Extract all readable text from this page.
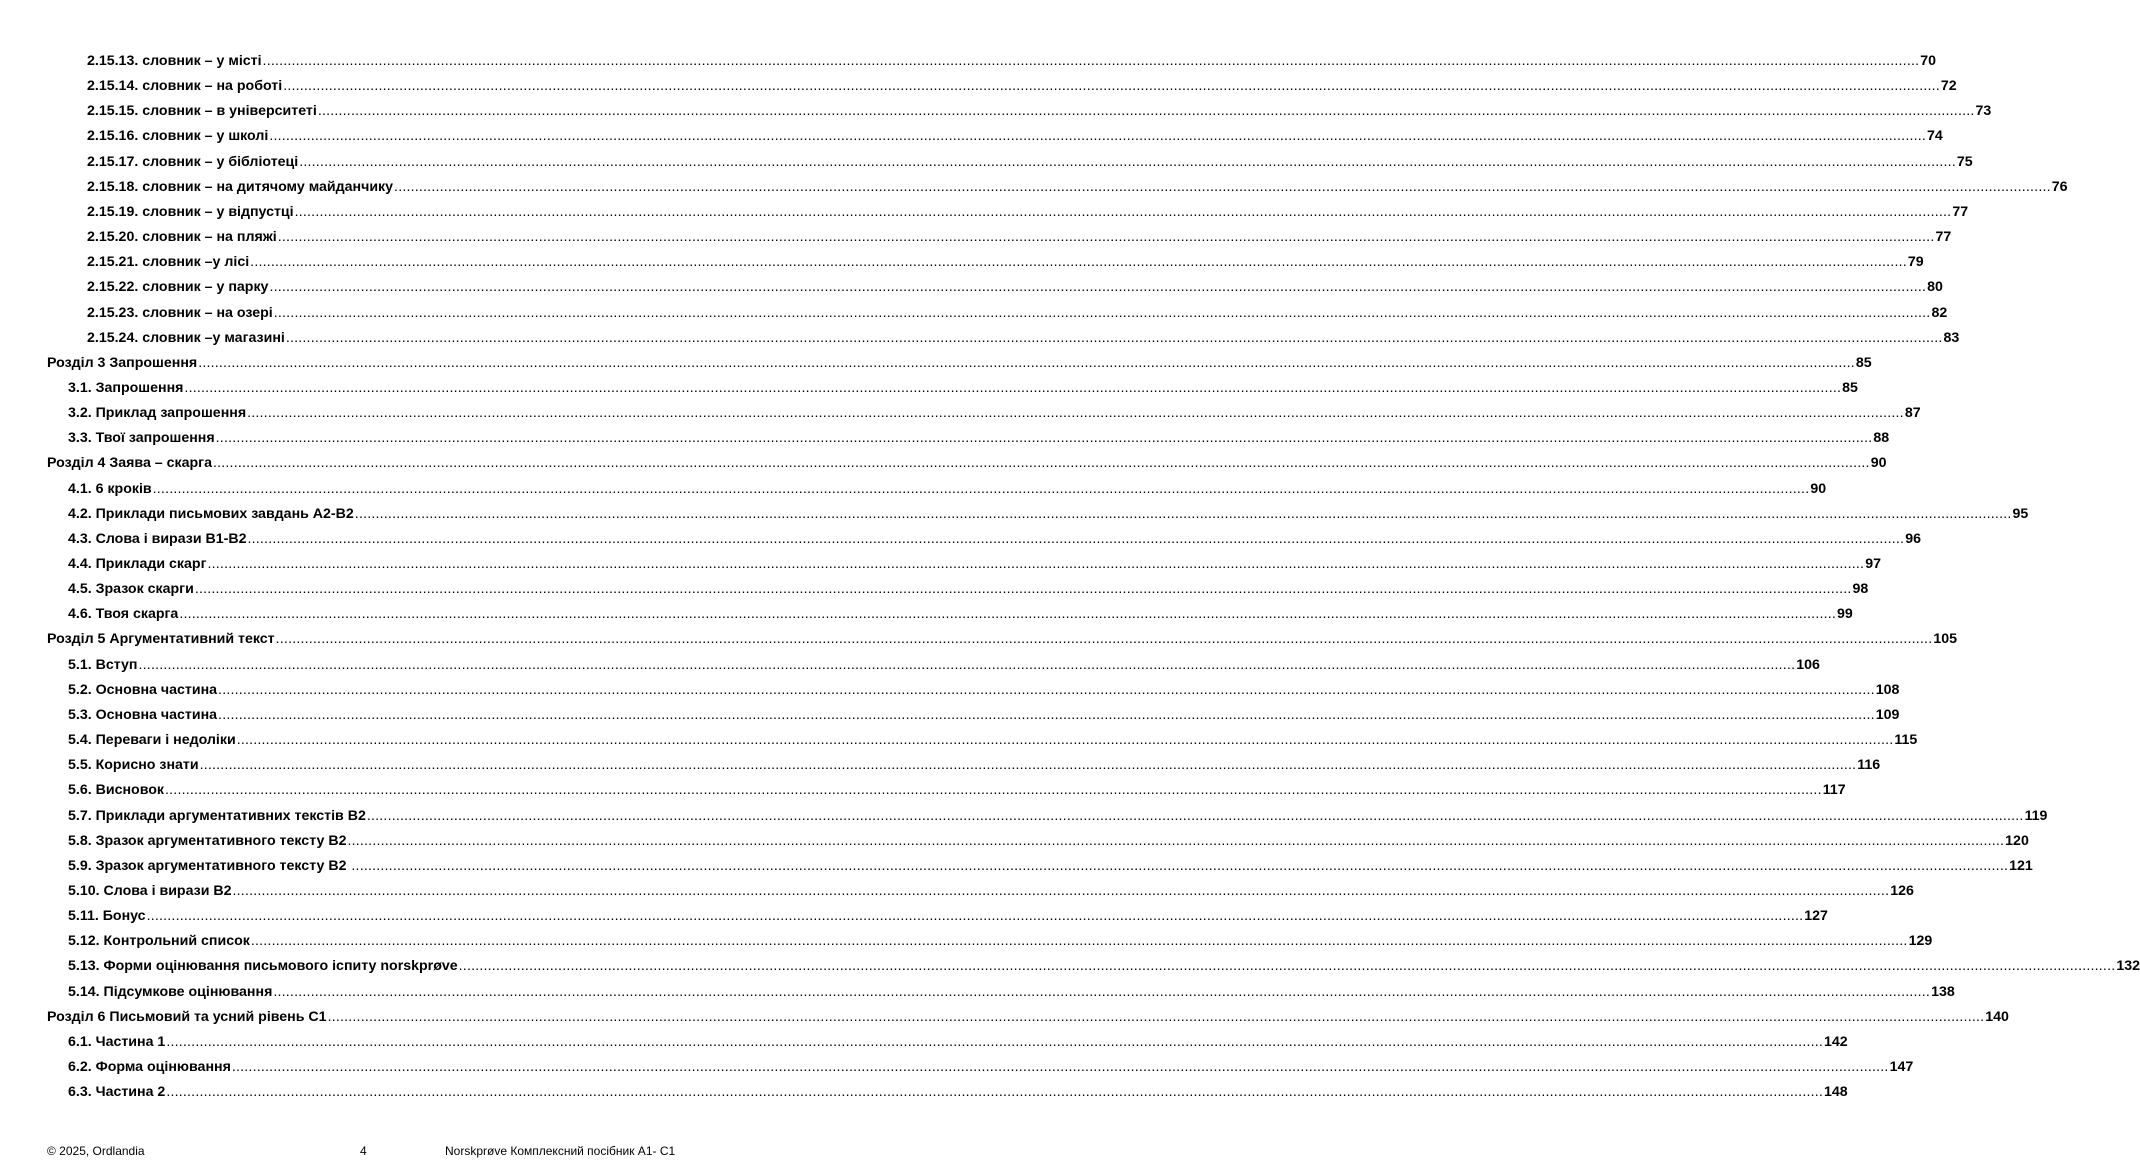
2.15.13. словник – у місті ................................................................................................................................................................................................................................................................................................................................................................................................................ 70
2.15.14. словник – на роботі ................................................................................................................................................................................................................................................................................................................................................................................................................ 72
2.15.15. словник – в університеті ................................................................................................................................................................................................................................................................................................................................................................................................................ 73
2.15.16. словник – у школі ................................................................................................................................................................................................................................................................................................................................................................................................................ 74
2.15.17. словник – у бібліотеці ................................................................................................................................................................................................................................................................................................................................................................................................................ 75
2.15.18. словник – на дитячому майданчику ................................................................................................................................................................................................................................................................................................................................................................................................................ 76
2.15.19. словник – у відпустці ................................................................................................................................................................................................................................................................................................................................................................................................................ 77
2.15.20. словник – на пляжі ................................................................................................................................................................................................................................................................................................................................................................................................................ 77
2.15.21. словник –у лісі ................................................................................................................................................................................................................................................................................................................................................................................................................ 79
2.15.22. словник – у парку ................................................................................................................................................................................................................................................................................................................................................................................................................ 80
2.15.23. словник – на озері ................................................................................................................................................................................................................................................................................................................................................................................................................ 82
2.15.24. словник –у магазині ................................................................................................................................................................................................................................................................................................................................................................................................................ 83
Розділ 3 Запрошення ................................................................................................................................................................................................................................................................................................................................................................................................................ 85
3.1. Запрошення ................................................................................................................................................................................................................................................................................................................................................................................................................ 85
3.2. Приклад запрошення ................................................................................................................................................................................................................................................................................................................................................................................................................ 87
3.3. Твої запрошення ................................................................................................................................................................................................................................................................................................................................................................................................................ 88
Розділ 4 Заява – скарга ................................................................................................................................................................................................................................................................................................................................................................................................................ 90
4.1. 6 кроків ................................................................................................................................................................................................................................................................................................................................................................................................................ 90
4.2. Приклади письмових завдань А2-В2 ................................................................................................................................................................................................................................................................................................................................................................................................................ 95
4.3. Слова і вирази В1-В2 ................................................................................................................................................................................................................................................................................................................................................................................................................ 96
4.4. Приклади скарг ................................................................................................................................................................................................................................................................................................................................................................................................................ 97
4.5. Зразок скарги ................................................................................................................................................................................................................................................................................................................................................................................................................ 98
4.6. Твоя скарга ................................................................................................................................................................................................................................................................................................................................................................................................................ 99
Розділ 5 Аргументативний текст ................................................................................................................................................................................................................................................................................................................................................................................................................ 105
5.1. Вступ ................................................................................................................................................................................................................................................................................................................................................................................................................ 106
5.2. Основна частина ................................................................................................................................................................................................................................................................................................................................................................................................................ 108
5.3. Основна частина ................................................................................................................................................................................................................................................................................................................................................................................................................ 109
5.4. Переваги і недоліки ................................................................................................................................................................................................................................................................................................................................................................................................................ 115
5.5. Корисно знати ................................................................................................................................................................................................................................................................................................................................................................................................................ 116
5.6. Висновок ................................................................................................................................................................................................................................................................................................................................................................................................................ 117
5.7. Приклади аргументативних текстів В2 ................................................................................................................................................................................................................................................................................................................................................................................................................ 119
5.8. Зразок аргументативного тексту В2 ................................................................................................................................................................................................................................................................................................................................................................................................................ 120
5.9. Зразок аргументативного тексту В2 ................................................................................................................................................................................................................................................................................................................................................................................................................ 121
5.10. Слова і вирази В2 ................................................................................................................................................................................................................................................................................................................................................................................................................ 126
5.11. Бонус ................................................................................................................................................................................................................................................................................................................................................................................................................ 127
5.12. Контрольний список ................................................................................................................................................................................................................................................................................................................................................................................................................ 129
5.13. Форми оцінювання письмового іспиту norskprøve ................................................................................................................................................................................................................................................................................................................................................................................................................ 132
5.14. Підсумкове оцінювання ................................................................................................................................................................................................................................................................................................................................................................................................................ 138
Розділ 6 Письмовий та усний рівень С1 ................................................................................................................................................................................................................................................................................................................................................................................................................ 140
6.1. Частина 1 ................................................................................................................................................................................................................................................................................................................................................................................................................ 142
6.2. Форма оцінювання ................................................................................................................................................................................................................................................................................................................................................................................................................ 147
6.3. Частина 2 ................................................................................................................................................................................................................................................................................................................................................................................................................ 148
© 2025, Ordlandia	4	Norskprøve Комплексний посібник А1- С1
